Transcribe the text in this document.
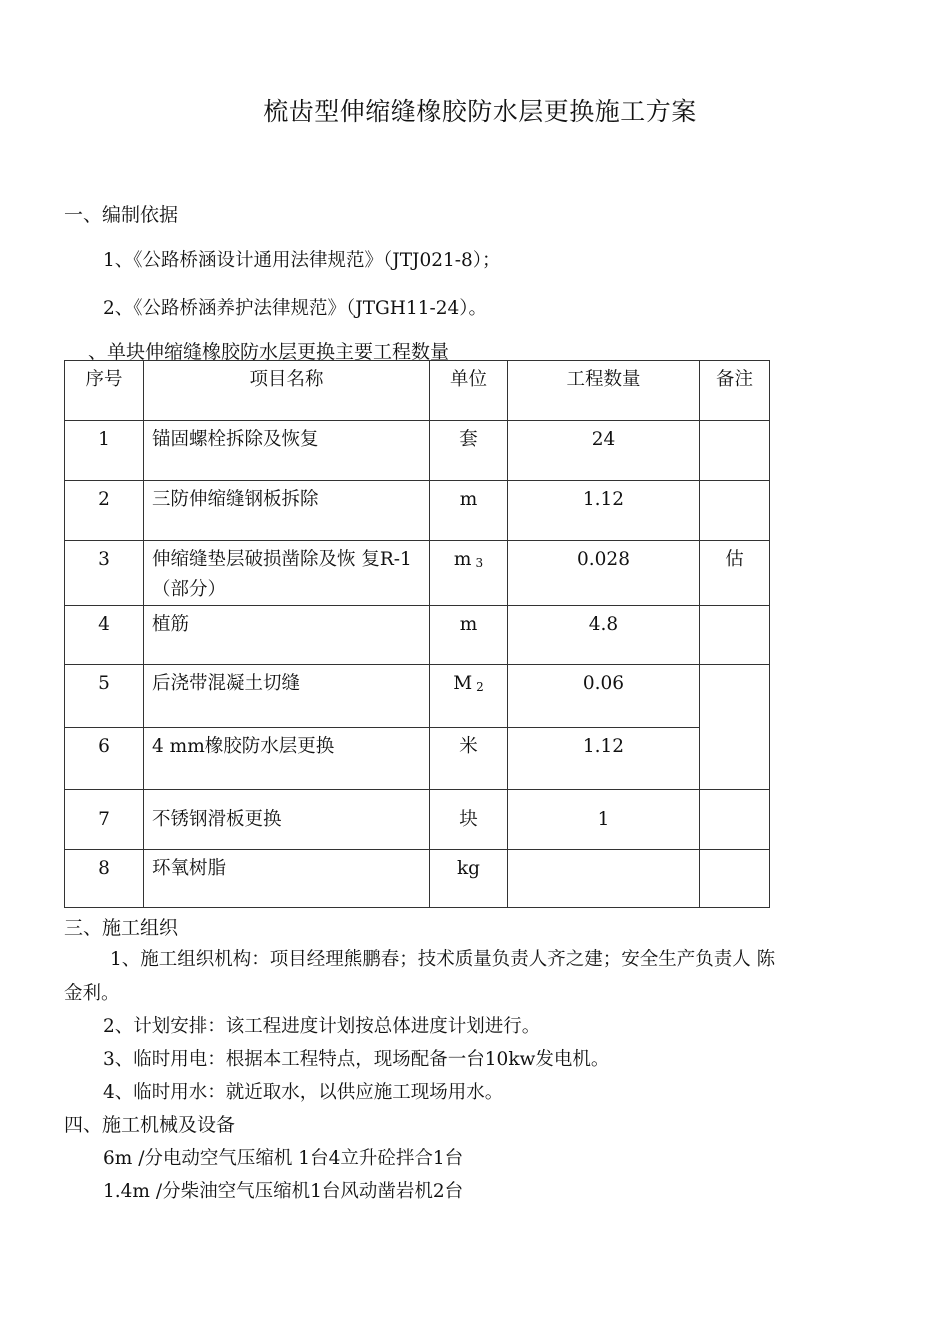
梳齿型伸缩缝橡胶防水层更换施工方案
一、编制依据
1、《公路桥涵设计通用法律规范》（JTJ021-8）；
2、《公路桥涵养护法律规范》（JTGH11-24）。
、单块伸缩缝橡胶防水层更换主要工程数量
序号	项目名称	单位	工程数量	备注
1	锚固螺栓拆除及恢复	套	24	
2	三防伸缩缝钢板拆除	m	1.12	
3	伸缩缝垫层破损凿除及恢 复R-1（部分）	m 3	0.028	估
4	植筋	m	4.8	
5	后浇带混凝土切缝	M 2	0.06	
6	4 mm橡胶防水层更换	米	1.12	
7	不锈钢滑板更换	块	1	
8	环氧树脂	kg		
三、施工组织
1、施工组织机构：项目经理熊鹏春；技术质量负责人齐之建；安全生产负责人 陈
金利。
2、计划安排：该工程进度计划按总体进度计划进行。
3、临时用电：根据本工程特点，现场配备一台10kw发电机。
4、临时用水：就近取水，以供应施工现场用水。
四、施工机械及设备
6m /分电动空气压缩机 1台4立升砼拌合1台
1.4m /分柴油空气压缩机1台风动凿岩机2台
